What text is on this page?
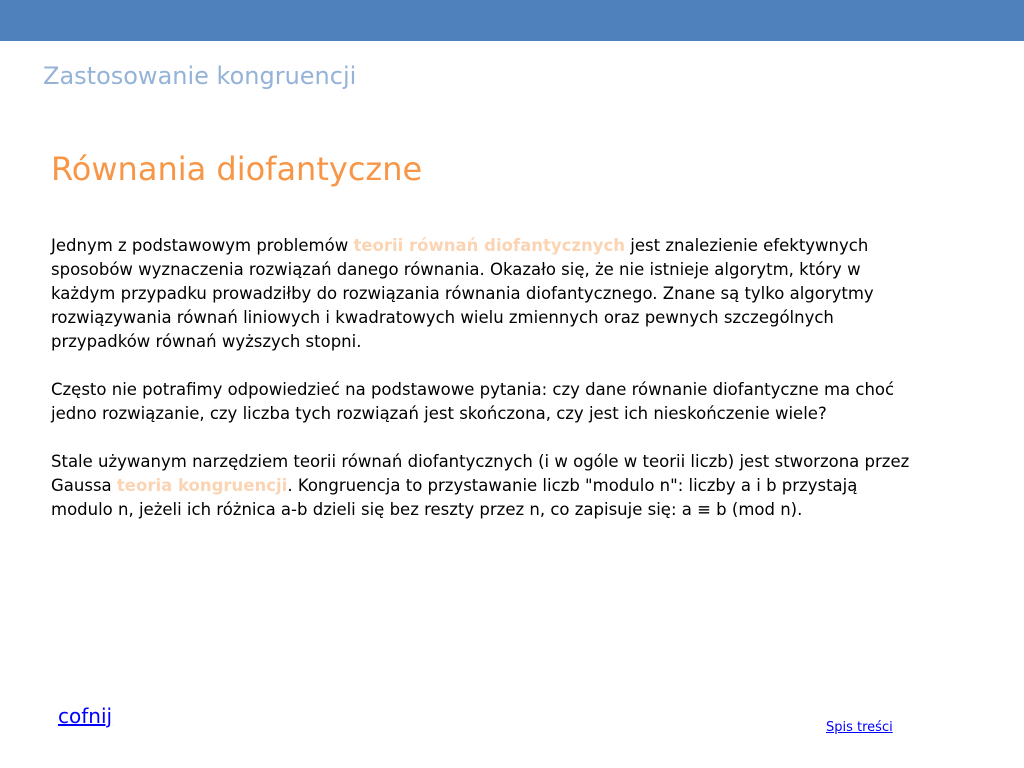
Zastosowanie kongruencji
Równania diofantyczne

Jednym z podstawowym problemów teorii równań diofantycznych jest znalezienie efektywnych sposobów wyznaczenia rozwiązań danego równania. Okazało się, że nie istnieje algorytm, który w każdym przypadku prowadziłby do rozwiązania równania diofantycznego. Znane są tylko algorytmy rozwiązywania równań liniowych i kwadratowych wielu zmiennych oraz pewnych szczególnych przypadków równań wyższych stopni.

Często nie potrafimy odpowiedzieć na podstawowe pytania: czy dane równanie diofantyczne ma choć jedno rozwiązanie, czy liczba tych rozwiązań jest skończona, czy jest ich nieskończenie wiele?

Stale używanym narzędziem teorii równań diofantycznych (i w ogóle w teorii liczb) jest stworzona przez Gaussa teoria kongruencji. Kongruencja to przystawanie liczb "modulo n": liczby a i b przystają modulo n, jeżeli ich różnica a-b dzieli się bez reszty przez n, co zapisuje się: a ≡ b (mod n).

cofnij	Spis treści
